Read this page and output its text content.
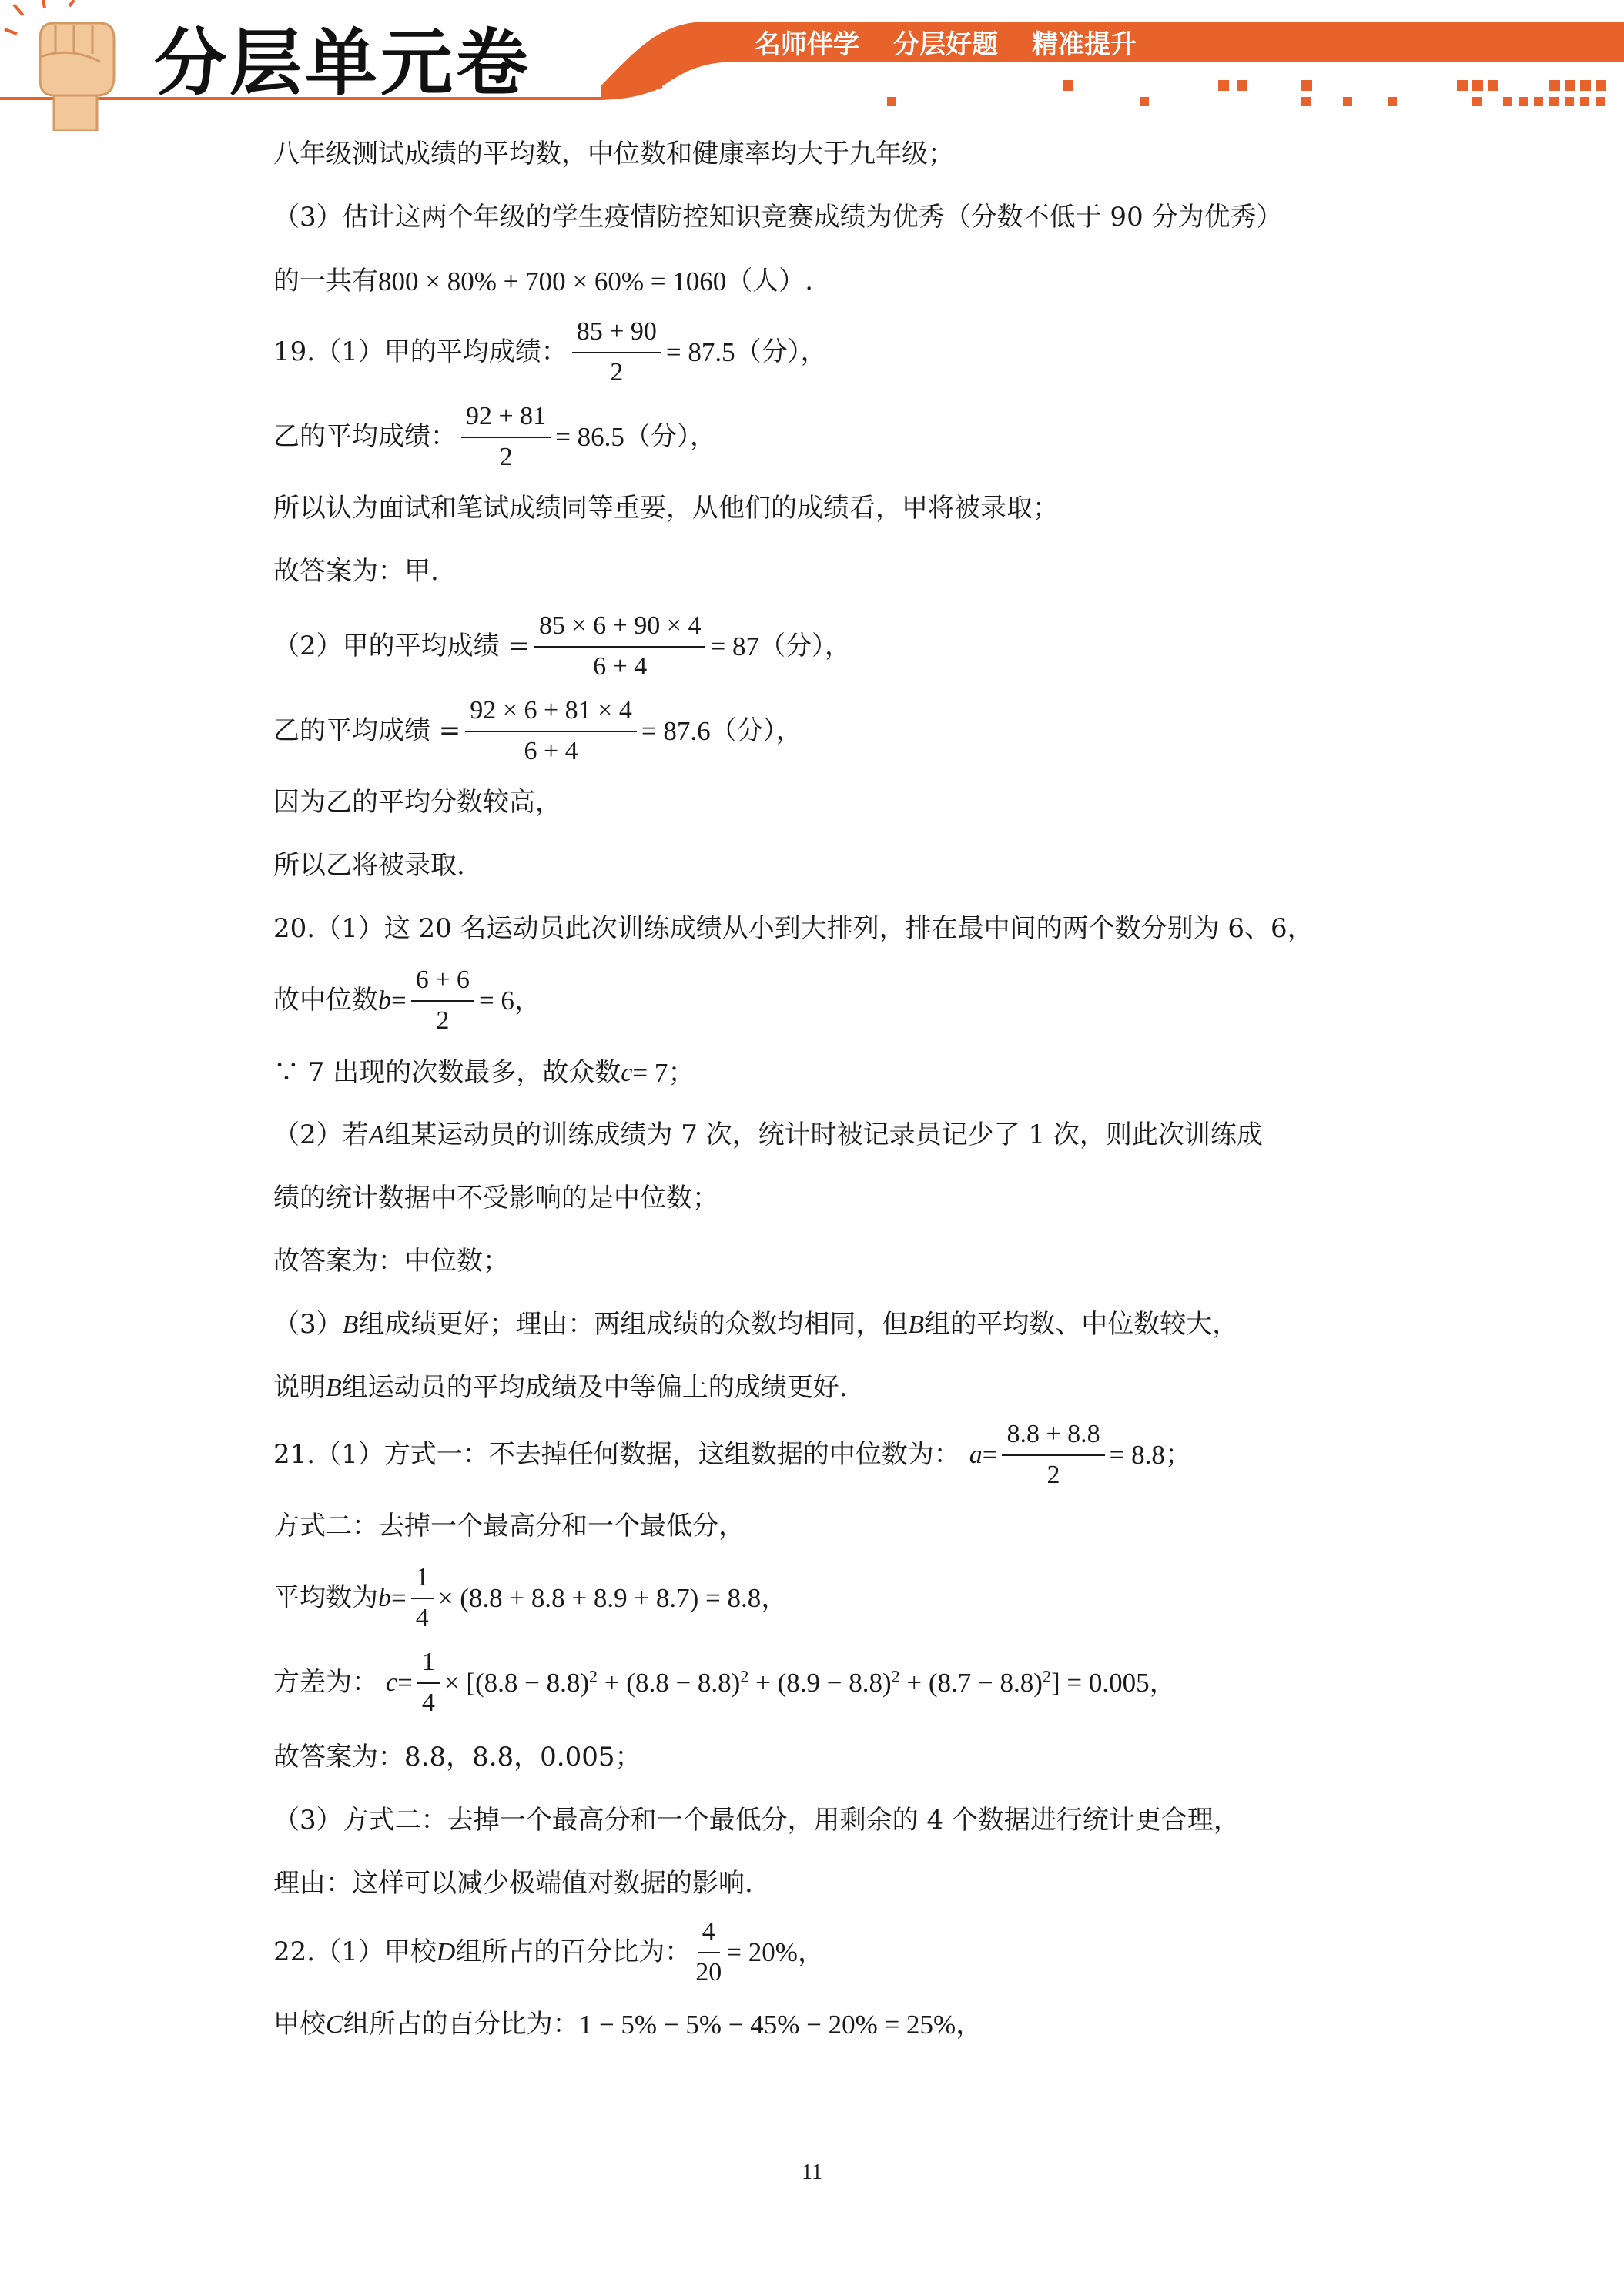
分层单元卷	名师伴学 分层好题 精准提升
八年级测试成绩的平均数，中位数和健康率均大于九年级；
（3）估计这两个年级的学生疫情防控知识竞赛成绩为优秀（分数不低于 90 分为优秀）
的一共有 800 × 80% + 700 × 60% = 1060 （人）.
19.（1）甲的平均成绩： $\frac{85 + 90}{2} = 87.5$ （分），
乙的平均成绩： $\frac{92 + 81}{2} = 86.5$ （分），
所以认为面试和笔试成绩同等重要，从他们的成绩看，甲将被录取；
故答案为：甲.
（2）甲的平均成绩 = $\frac{85 \times 6 + 90 \times 4}{6 + 4} = 87$ （分），
乙的平均成绩 = $\frac{92 \times 6 + 81 \times 4}{6 + 4} = 87.6$ （分），
因为乙的平均分数较高，
所以乙将被录取.
20.（1）这 20 名运动员此次训练成绩从小到大排列，排在最中间的两个数分别为 6、6，
故中位数 $b = \frac{6 + 6}{2} = 6$，
∵ 7 出现的次数最多，故众数 c = 7；
（2）若 A 组某运动员的训练成绩为 7 次，统计时被记录员记少了 1 次，则此次训练成
绩的统计数据中不受影响的是中位数；
故答案为：中位数；
（3） B 组成绩更好；理由：两组成绩的众数均相同，但 B 组的平均数、中位数较大，
说明 B 组运动员的平均成绩及中等偏上的成绩更好.
21.（1）方式一：不去掉任何数据，这组数据的中位数为： $a = \frac{8.8 + 8.8}{2} = 8.8$；
方式二：去掉一个最高分和一个最低分，
平均数为 $b = \frac{1}{4} \times (8.8 + 8.8 + 8.9 + 8.7) = 8.8$，
方差为： $c = \frac{1}{4} \times [(8.8 - 8.8)^2 + (8.8 - 8.8)^2 + (8.9 - 8.8)^2 + (8.7 - 8.8)^2] = 0.005$，
故答案为：8.8，8.8，0.005；
（3）方式二：去掉一个最高分和一个最低分，用剩余的 4 个数据进行统计更合理，
理由：这样可以减少极端值对数据的影响.
22.（1）甲校 D 组所占的百分比为： $\frac{4}{20} = 20\%$，
甲校 C 组所占的百分比为： 1 − 5% − 5% − 45% − 20% = 25%，
11
